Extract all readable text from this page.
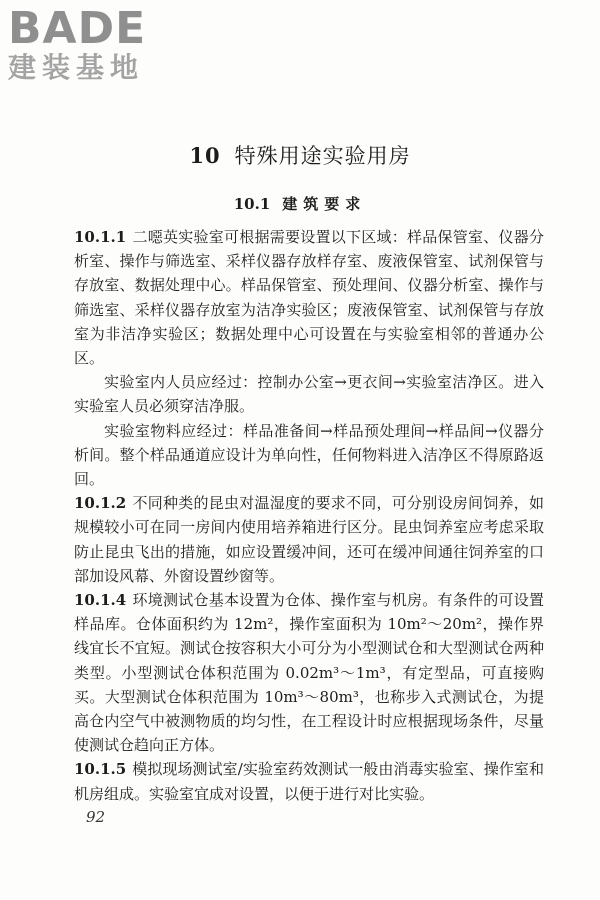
BADE
建装基地
10 特殊用途实验用房
10.1 建筑要求

10.1.1 二噁英实验室可根据需要设置以下区域：样品保管室、仪器分析室、操作与筛选室、采样仪器存放样存室、废液保管室、试剂保管与存放室、数据处理中心。样品保管室、预处理间、仪器分析室、操作与筛选室、采样仪器存放室为洁净实验区；废液保管室、试剂保管与存放室为非洁净实验区；数据处理中心可设置在与实验室相邻的普通办公区。

实验室内人员应经过：控制办公室→更衣间→实验室洁净区。进入实验室人员必须穿洁净服。

实验室物料应经过：样品准备间→样品预处理间→样品间→仪器分析间。整个样品通道应设计为单向性，任何物料进入洁净区不得原路返回。

10.1.2 不同种类的昆虫对温湿度的要求不同，可分别设房间饲养，如规模较小可在同一房间内使用培养箱进行区分。昆虫饲养室应考虑采取防止昆虫飞出的措施，如应设置缓冲间，还可在缓冲间通往饲养室的口部加设风幕、外窗设置纱窗等。

10.1.4 环境测试仓基本设置为仓体、操作室与机房。有条件的可设置样品库。仓体面积约为 12m²，操作室面积为 10m²～20m²，操作界线宜长不宜短。测试仓按容积大小可分为小型测试仓和大型测试仓两种类型。小型测试仓体积范围为 0.02m³～1m³，有定型品，可直接购买。大型测试仓体积范围为 10m³～80m³，也称步入式测试仓，为提高仓内空气中被测物质的均匀性，在工程设计时应根据现场条件，尽量使测试仓趋向正方体。

10.1.5 模拟现场测试室/实验室药效测试一般由消毒实验室、操作室和机房组成。实验室宜成对设置，以便于进行对比实验。

92
